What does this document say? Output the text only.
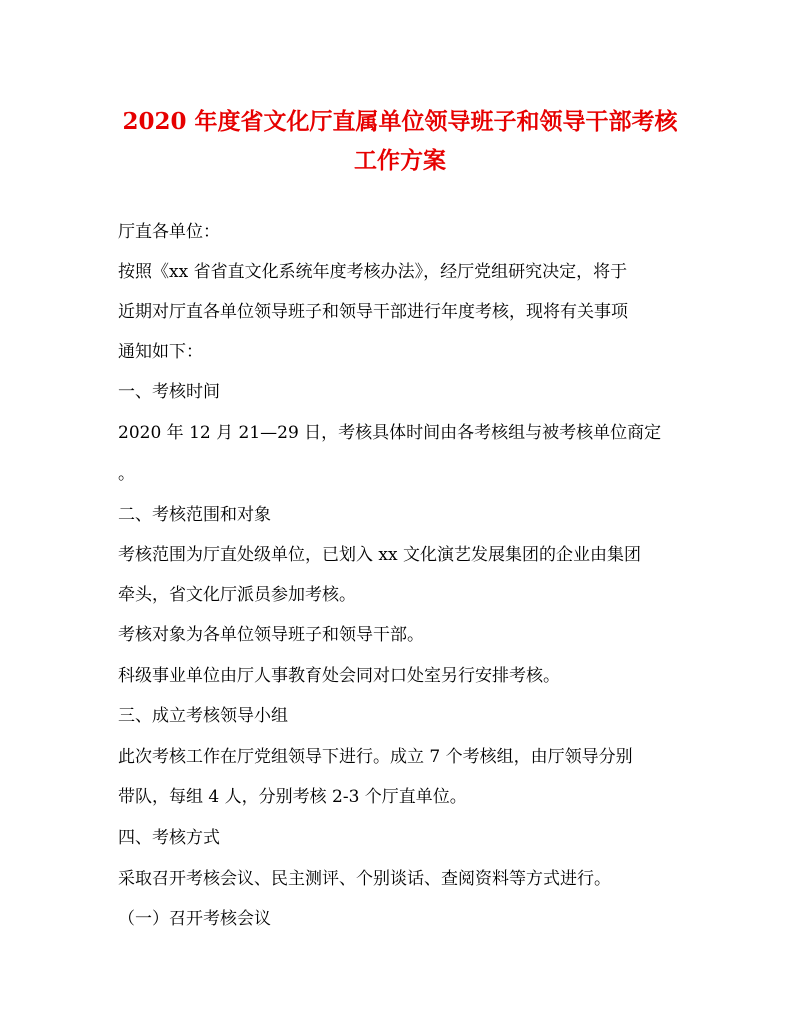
2020 年度省文化厅直属单位领导班子和领导干部考核
工作方案

厅直各单位：

按照《xx 省省直文化系统年度考核办法》，经厅党组研究决定，将于

近期对厅直各单位领导班子和领导干部进行年度考核，现将有关事项

通知如下：

一、考核时间

2020 年 12 月 21—29 日，考核具体时间由各考核组与被考核单位商定

。

二、考核范围和对象

考核范围为厅直处级单位，已划入 xx 文化演艺发展集团的企业由集团

牵头，省文化厅派员参加考核。

考核对象为各单位领导班子和领导干部。

科级事业单位由厅人事教育处会同对口处室另行安排考核。

三、成立考核领导小组

此次考核工作在厅党组领导下进行。成立 7 个考核组，由厅领导分别

带队，每组 4 人，分别考核 2-3 个厅直单位。

四、考核方式

采取召开考核会议、民主测评、个别谈话、查阅资料等方式进行。

（一）召开考核会议
